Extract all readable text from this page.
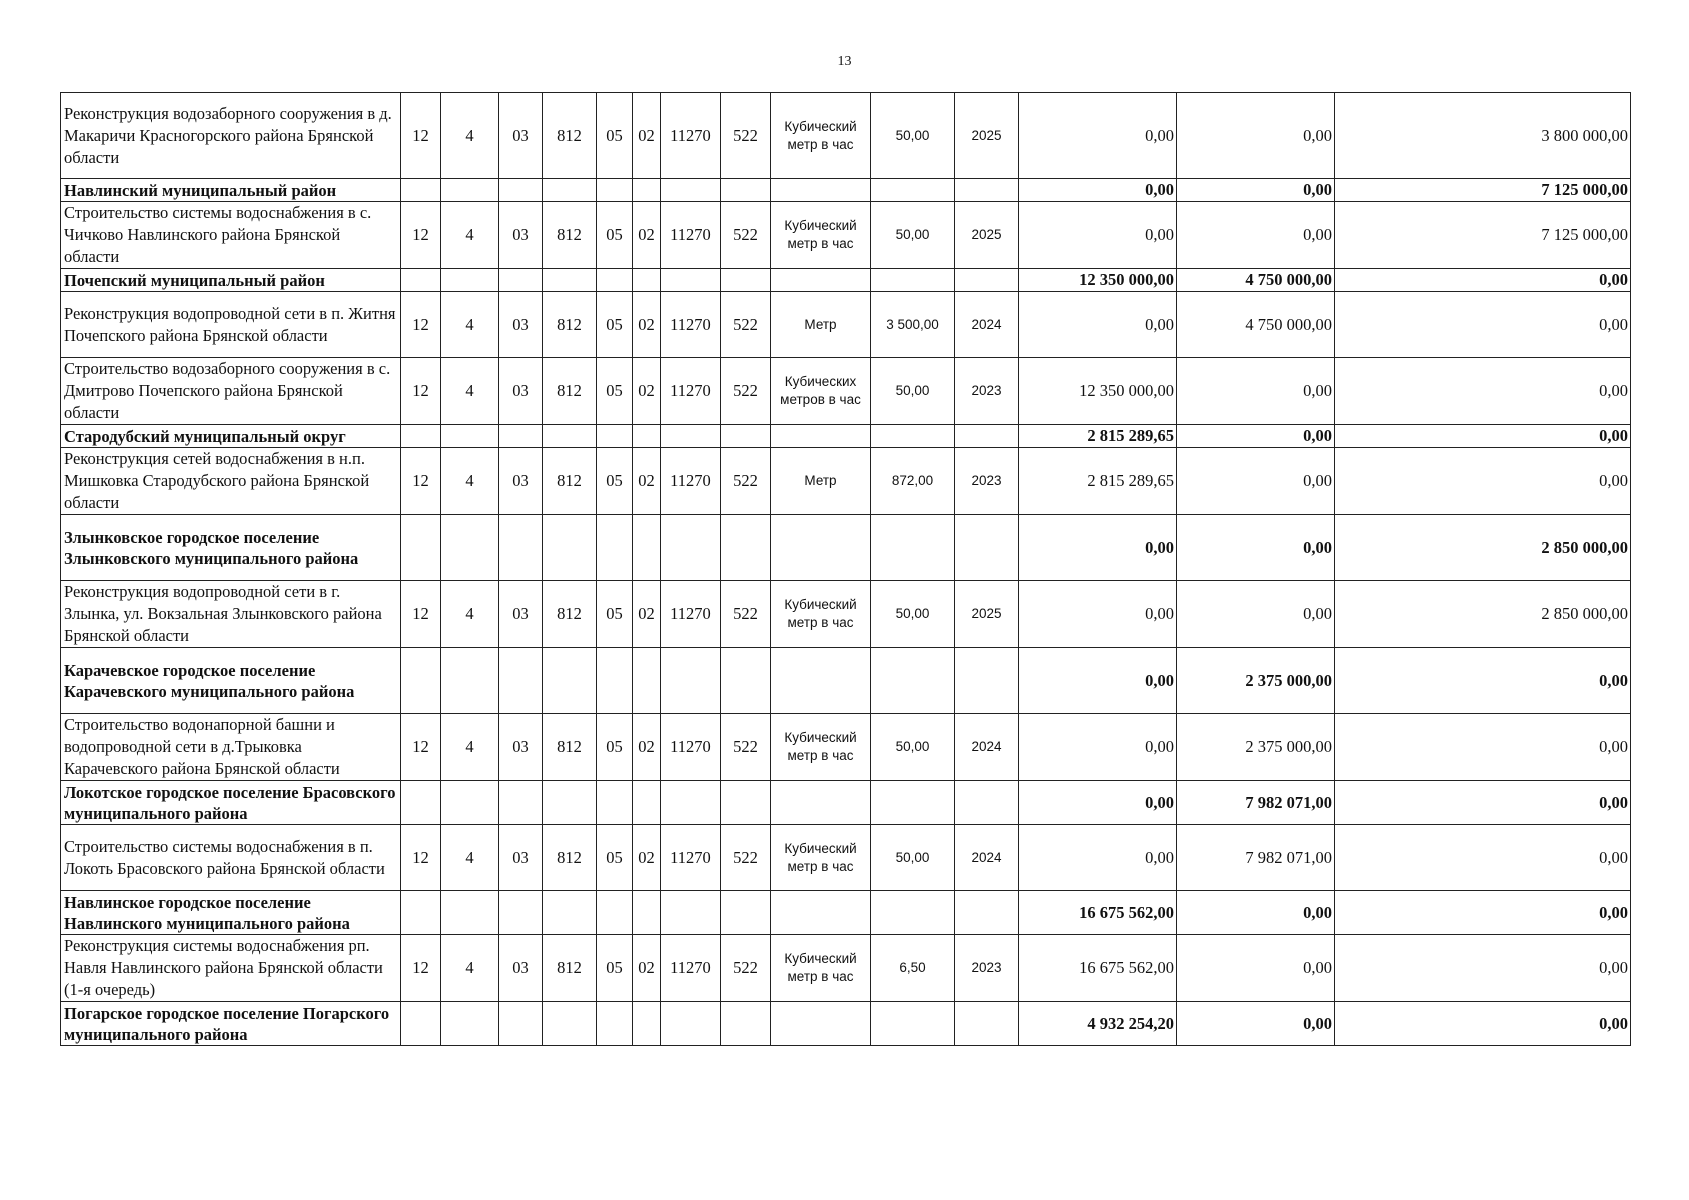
13
Реконструкция водозаборного сооружения в д. Макаричи Красногорского района Брянской области	12	4	03	812	05	02	11270	522	Кубический метр в час	50,00	2025	0,00	0,00	3 800 000,00
Навлинский муниципальный район												0,00	0,00	7 125 000,00
Строительство системы водоснабжения в с. Чичково Навлинского района Брянской области	12	4	03	812	05	02	11270	522	Кубический метр в час	50,00	2025	0,00	0,00	7 125 000,00
Почепский муниципальный район												12 350 000,00	4 750 000,00	0,00
Реконструкция водопроводной сети в п. Житня Почепского района Брянской области	12	4	03	812	05	02	11270	522	Метр	3 500,00	2024	0,00	4 750 000,00	0,00
Строительство водозаборного сооружения в с. Дмитрово Почепского района Брянской области	12	4	03	812	05	02	11270	522	Кубических метров в час	50,00	2023	12 350 000,00	0,00	0,00
Стародубский муниципальный округ												2 815 289,65	0,00	0,00
Реконструкция сетей водоснабжения в н.п. Мишковка Стародубского района Брянской области	12	4	03	812	05	02	11270	522	Метр	872,00	2023	2 815 289,65	0,00	0,00
Злынковское городское поселение Злынковского муниципального района												0,00	0,00	2 850 000,00
Реконструкция водопроводной сети в г. Злынка, ул. Вокзальная Злынковского района Брянской области	12	4	03	812	05	02	11270	522	Кубический метр в час	50,00	2025	0,00	0,00	2 850 000,00
Карачевское городское поселение Карачевского муниципального района												0,00	2 375 000,00	0,00
Строительство водонапорной башни и водопроводной сети в д.Трыковка Карачевского района Брянской области	12	4	03	812	05	02	11270	522	Кубический метр в час	50,00	2024	0,00	2 375 000,00	0,00
Локотское городское поселение Брасовского муниципального района												0,00	7 982 071,00	0,00
Строительство системы водоснабжения в п. Локоть Брасовского района Брянской области	12	4	03	812	05	02	11270	522	Кубический метр в час	50,00	2024	0,00	7 982 071,00	0,00
Навлинское городское поселение Навлинского муниципального района												16 675 562,00	0,00	0,00
Реконструкция системы водоснабжения рп. Навля Навлинского района Брянской области (1-я очередь)	12	4	03	812	05	02	11270	522	Кубический метр в час	6,50	2023	16 675 562,00	0,00	0,00
Погарское городское поселение Погарского муниципального района												4 932 254,20	0,00	0,00
